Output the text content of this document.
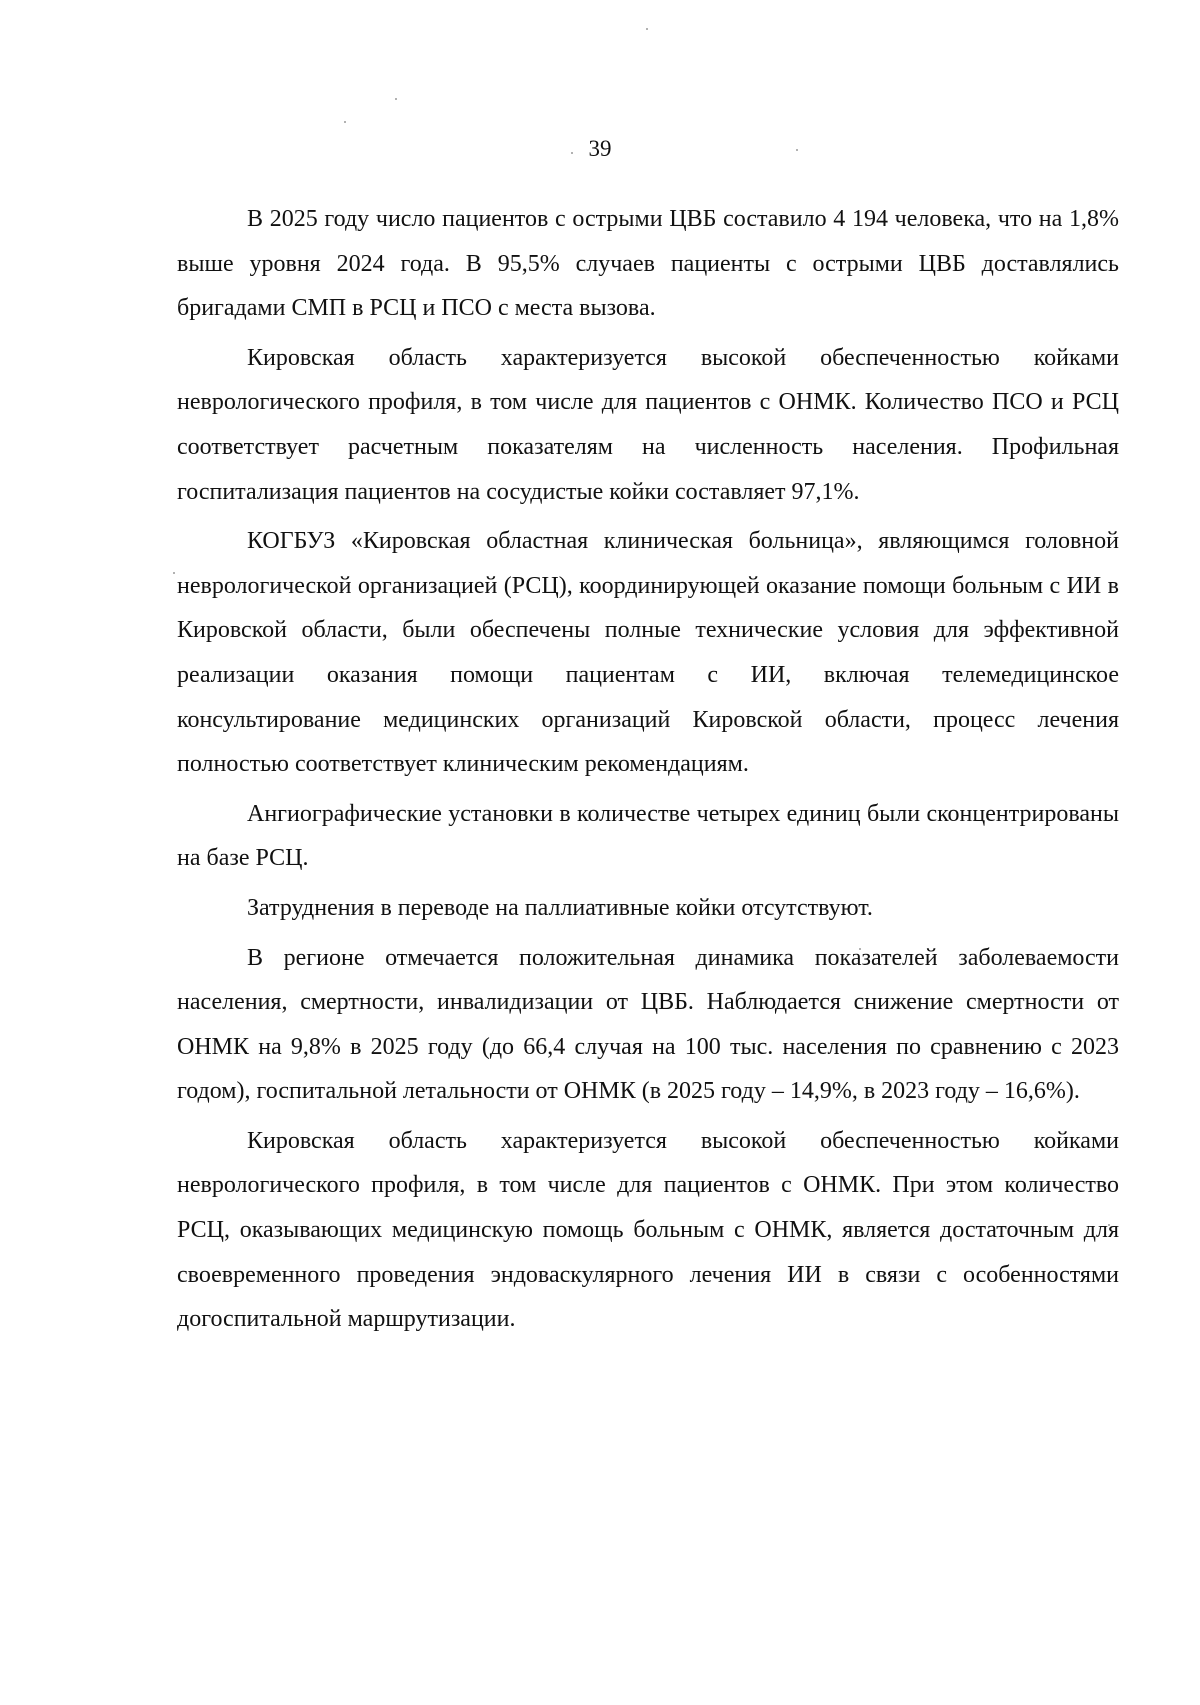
39

В 2025 году число пациентов с острыми ЦВБ составило 4 194 человека, что на 1,8% выше уровня 2024 года. В 95,5% случаев пациенты с острыми ЦВБ доставлялись бригадами СМП в РСЦ и ПСО с места вызова.

Кировская область характеризуется высокой обеспеченностью койками неврологического профиля, в том числе для пациентов с ОНМК. Количество ПСО и РСЦ соответствует расчетным показателям на численность населения. Профильная госпитализация пациентов на сосудистые койки составляет 97,1%.

КОГБУЗ «Кировская областная клиническая больница», являющимся головной неврологической организацией (РСЦ), координирующей оказание помощи больным с ИИ в Кировской области, были обеспечены полные технические условия для эффективной реализации оказания помощи пациентам с ИИ, включая телемедицинское консультирование медицинских организаций Кировской области, процесс лечения полностью соответствует клиническим рекомендациям.

Ангиографические установки в количестве четырех единиц были сконцентрированы на базе РСЦ.

Затруднения в переводе на паллиативные койки отсутствуют.

В регионе отмечается положительная динамика показателей заболеваемости населения, смертности, инвалидизации от ЦВБ. Наблюдается снижение смертности от ОНМК на 9,8% в 2025 году (до 66,4 случая на 100 тыс. населения по сравнению с 2023 годом), госпитальной летальности от ОНМК (в 2025 году – 14,9%, в 2023 году – 16,6%).

Кировская область характеризуется высокой обеспеченностью койками неврологического профиля, в том числе для пациентов с ОНМК. При этом количество РСЦ, оказывающих медицинскую помощь больным с ОНМК, является достаточным для своевременного проведения эндоваскулярного лечения ИИ в связи с особенностями догоспитальной маршрутизации.
